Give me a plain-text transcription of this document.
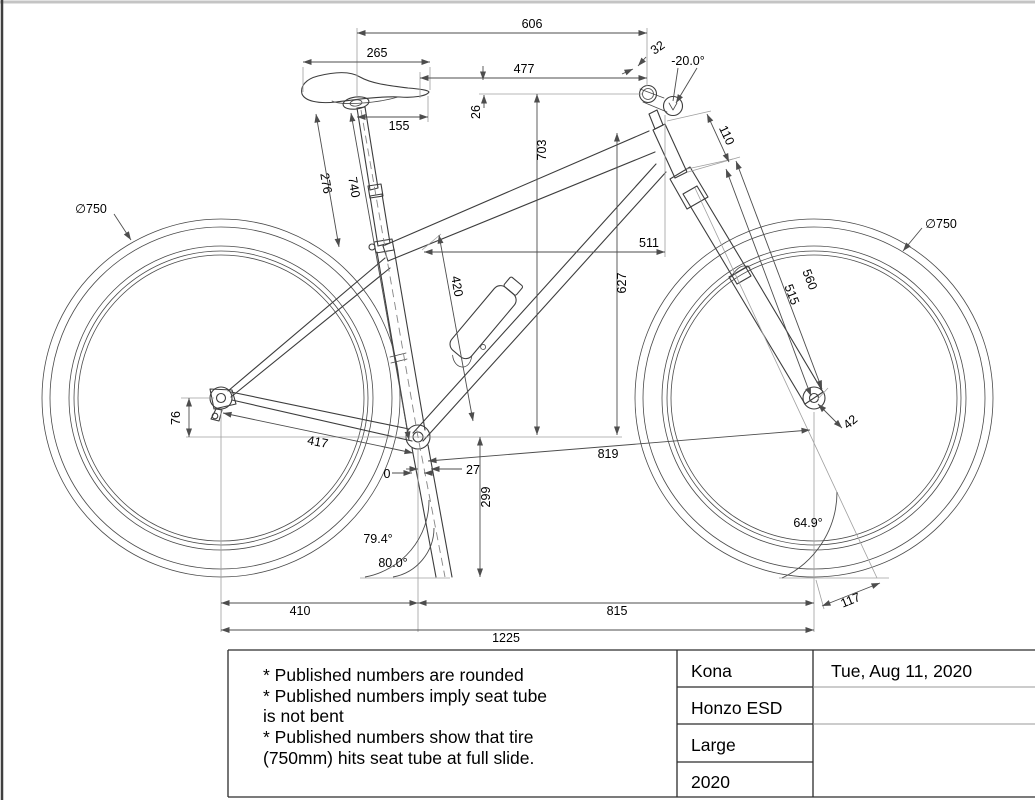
606
265
477
155
26
32
-20.0°
703
110
511
627	560
515
∅750
∅750
76
417
0	27
299
819
42
79.4°
80.0°
64.9°
117
410	815
1225
276 740
420
* Published numbers are rounded
* Published numbers imply seat tube
is not bent
* Published numbers show that tire
(750mm) hits seat tube at full slide.
Kona	Tue, Aug 11, 2020
Honzo ESD
Large
2020
